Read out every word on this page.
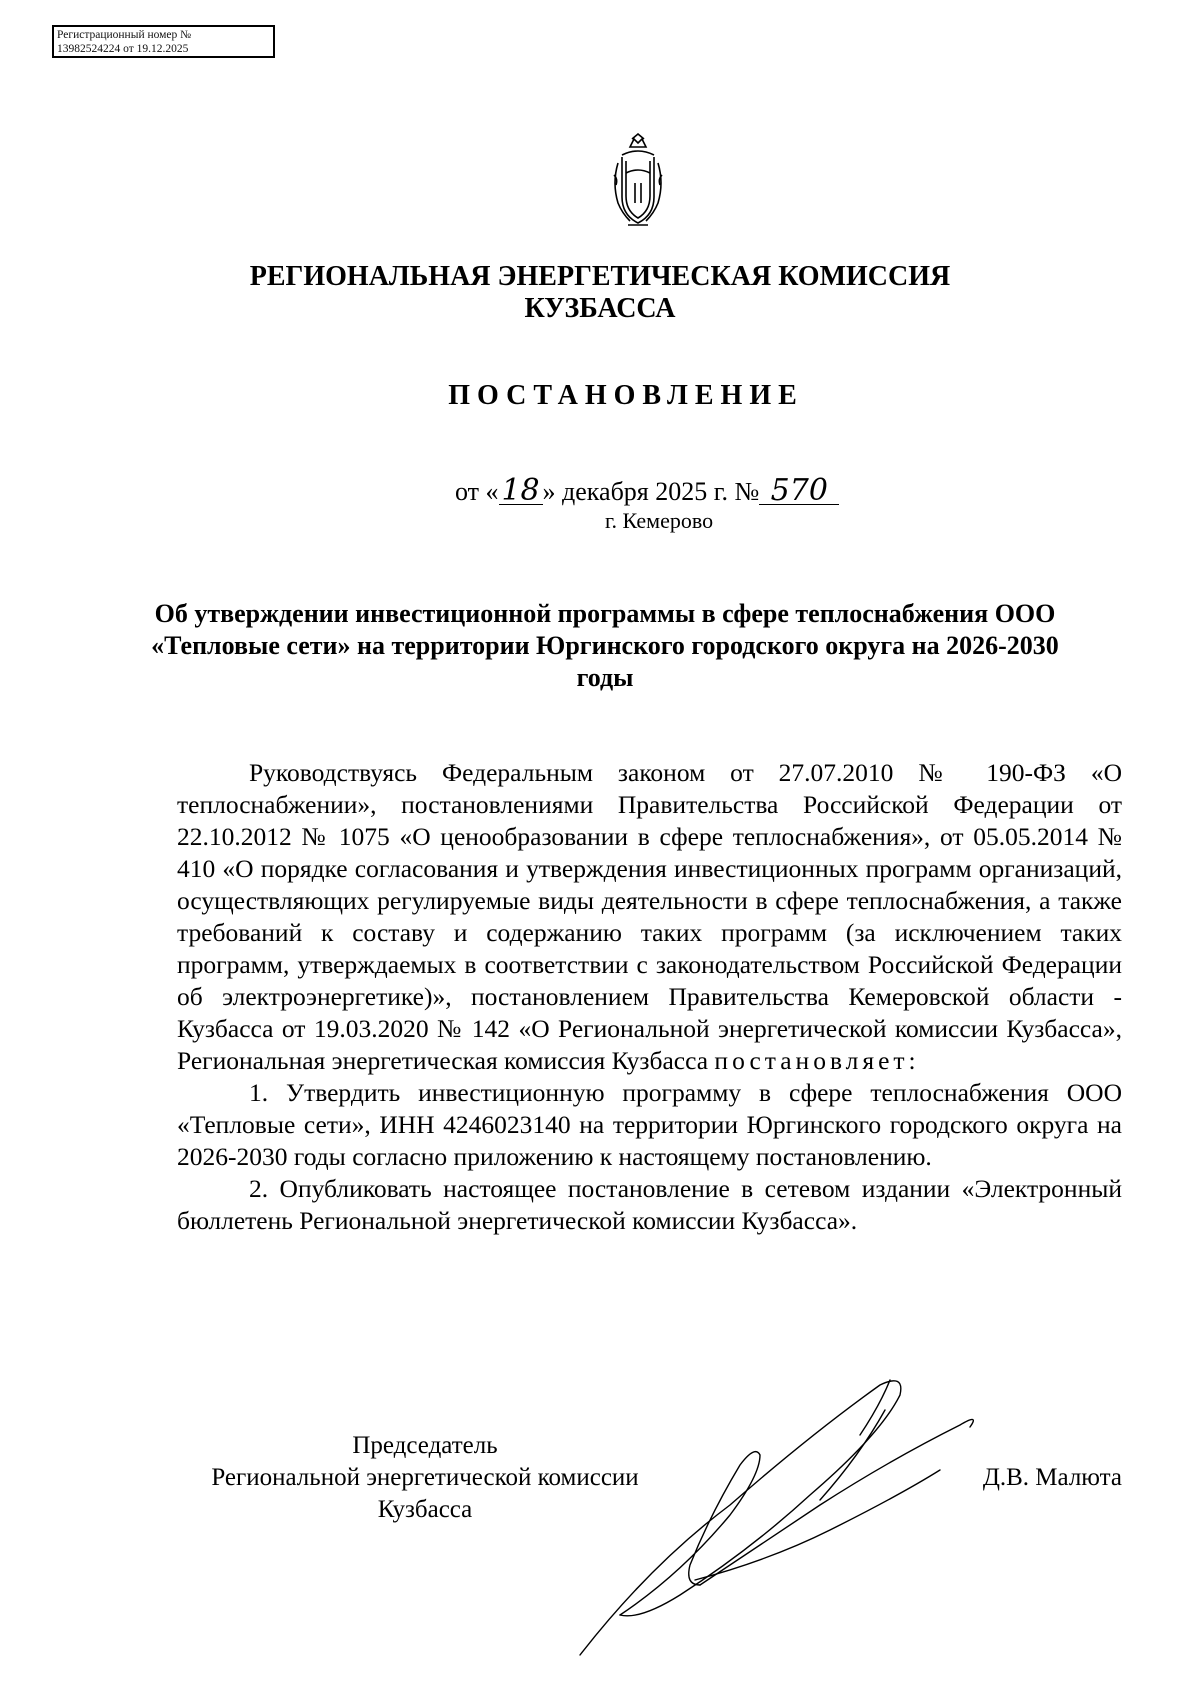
Регистрационный номер №
13982524224 от 19.12.2025
РЕГИОНАЛЬНАЯ ЭНЕРГЕТИЧЕСКАЯ КОМИССИЯ
КУЗБАССА
ПОСТАНОВЛЕНИЕ
от «18 » декабря 2025 г. № 570
г. Кемерово
Об утверждении инвестиционной программы в сфере теплоснабжения ООО «Тепловые сети» на территории Юргинского городского округа на 2026-2030 годы

Руководствуясь Федеральным законом от 27.07.2010 № 190-ФЗ «О теплоснабжении», постановлениями Правительства Российской Федерации от 22.10.2012 № 1075 «О ценообразовании в сфере теплоснабжения», от 05.05.2014 № 410 «О порядке согласования и утверждения инвестиционных программ организаций, осуществляющих регулируемые виды деятельности в сфере теплоснабжения, а также требований к составу и содержанию таких программ (за исключением таких программ, утверждаемых в соответствии с законодательством Российской Федерации об электроэнергетике)», постановлением Правительства Кемеровской области - Кузбасса от 19.03.2020 № 142 «О Региональной энергетической комиссии Кузбасса», Региональная энергетическая комиссия Кузбасса постановляет:

1. Утвердить инвестиционную программу в сфере теплоснабжения ООО «Тепловые сети», ИНН 4246023140 на территории Юргинского городского округа на 2026-2030 годы согласно приложению к настоящему постановлению.

2. Опубликовать настоящее постановление в сетевом издании «Электронный бюллетень Региональной энергетической комиссии Кузбасса».

Председатель
Региональной энергетической комиссии
Кузбасса
Д.В. Малюта
